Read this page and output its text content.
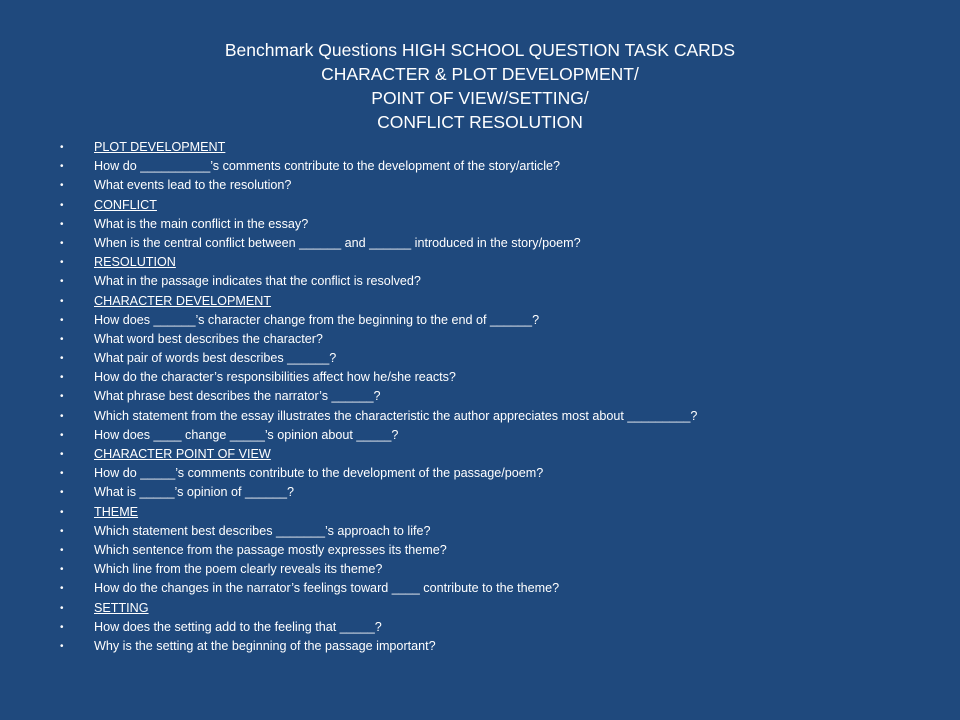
Benchmark Questions HIGH SCHOOL QUESTION TASK CARDS
CHARACTER & PLOT DEVELOPMENT/
POINT OF VIEW/SETTING/
CONFLICT RESOLUTION
• PLOT DEVELOPMENT
• How do __________’s comments contribute to the development of the story/article?
• What events lead to the resolution?
• CONFLICT
• What is the main conflict in the essay?
• When is the central conflict between ______ and ______ introduced in the story/poem?
• RESOLUTION
• What in the passage indicates that the conflict is resolved?
• CHARACTER DEVELOPMENT
• How does ______’s character change from the beginning to the end of ______?
• What word best describes the character?
• What pair of words best describes ______?
• How do the character’s responsibilities affect how he/she reacts?
• What phrase best describes the narrator’s ______?
• Which statement from the essay illustrates the characteristic the author appreciates most about _________?
• How does ____ change _____’s opinion about _____?
• CHARACTER POINT OF VIEW
• How do _____’s comments contribute to the development of the passage/poem?
• What is _____’s opinion of ______?
• THEME
• Which statement best describes _______’s approach to life?
• Which sentence from the passage mostly expresses its theme?
• Which line from the poem clearly reveals its theme?
• How do the changes in the narrator’s feelings toward ____ contribute to the theme?
• SETTING
• How does the setting add to the feeling that _____?
• Why is the setting at the beginning of the passage important?
